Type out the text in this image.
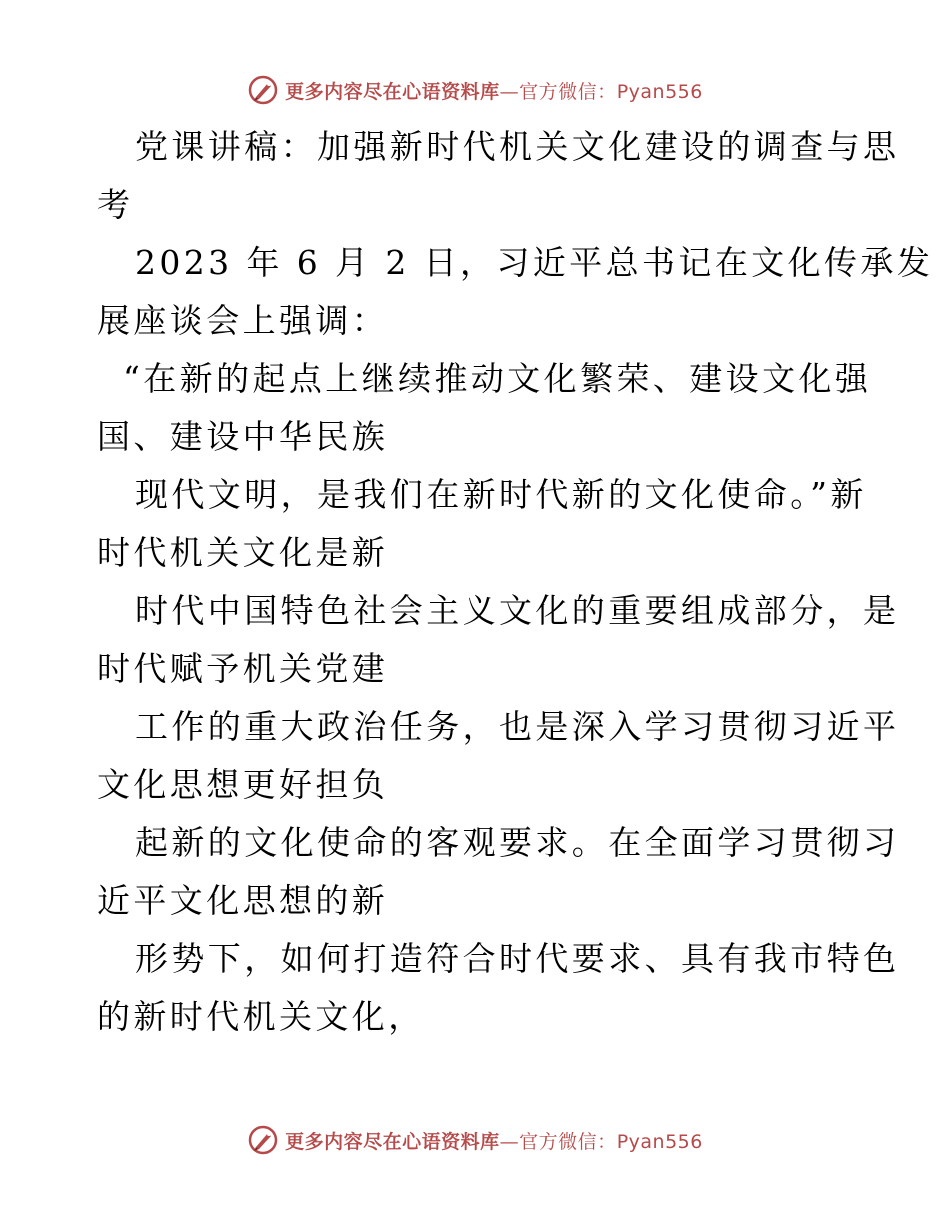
更多内容尽在心语资料库—官方微信：Pyan556
党课讲稿：加强新时代机关文化建设的调查与思
考
2023 年 6 月 2 日，习近平总书记在文化传承发
展座谈会上强调：
“在新的起点上继续推动文化繁荣、建设文化强
国、建设中华民族
现代文明，是我们在新时代新的文化使命。”新
时代机关文化是新
时代中国特色社会主义文化的重要组成部分，是
时代赋予机关党建
工作的重大政治任务，也是深入学习贯彻习近平
文化思想更好担负
起新的文化使命的客观要求。在全面学习贯彻习
近平文化思想的新
形势下，如何打造符合时代要求、具有我市特色
的新时代机关文化，
更多内容尽在心语资料库—官方微信：Pyan556
